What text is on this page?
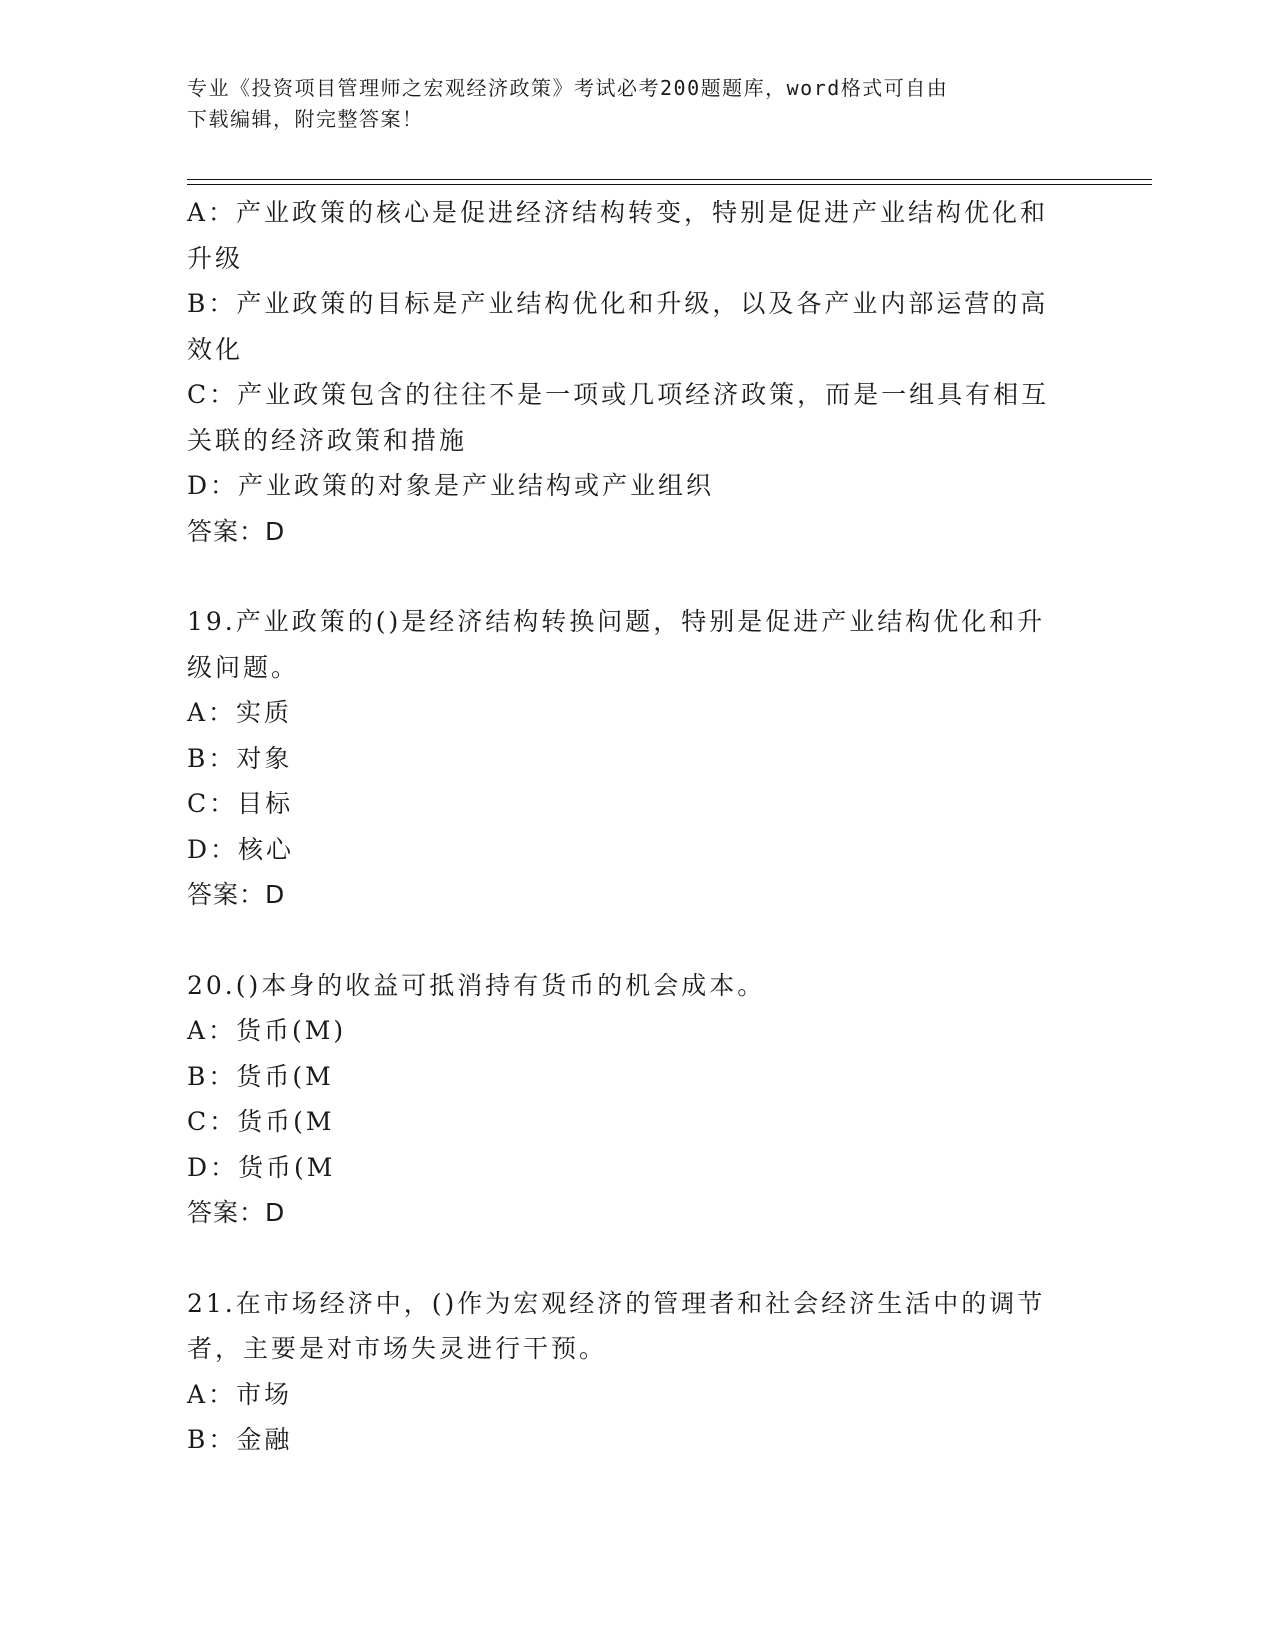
专业《投资项目管理师之宏观经济政策》考试必考200题题库，word格式可自由
下载编辑，附完整答案！
A：产业政策的核心是促进经济结构转变，特别是促进产业结构优化和
升级
B：产业政策的目标是产业结构优化和升级，以及各产业内部运营的高
效化
C：产业政策包含的往往不是一项或几项经济政策，而是一组具有相互
关联的经济政策和措施
D：产业政策的对象是产业结构或产业组织
答案：D
19.产业政策的()是经济结构转换问题，特别是促进产业结构优化和升
级问题。
A：实质
B：对象
C：目标
D：核心
答案：D
20.()本身的收益可抵消持有货币的机会成本。
A：货币(M)
B：货币(M
C：货币(M
D：货币(M
答案：D
21.在市场经济中，()作为宏观经济的管理者和社会经济生活中的调节
者，主要是对市场失灵进行干预。
A：市场
B：金融
